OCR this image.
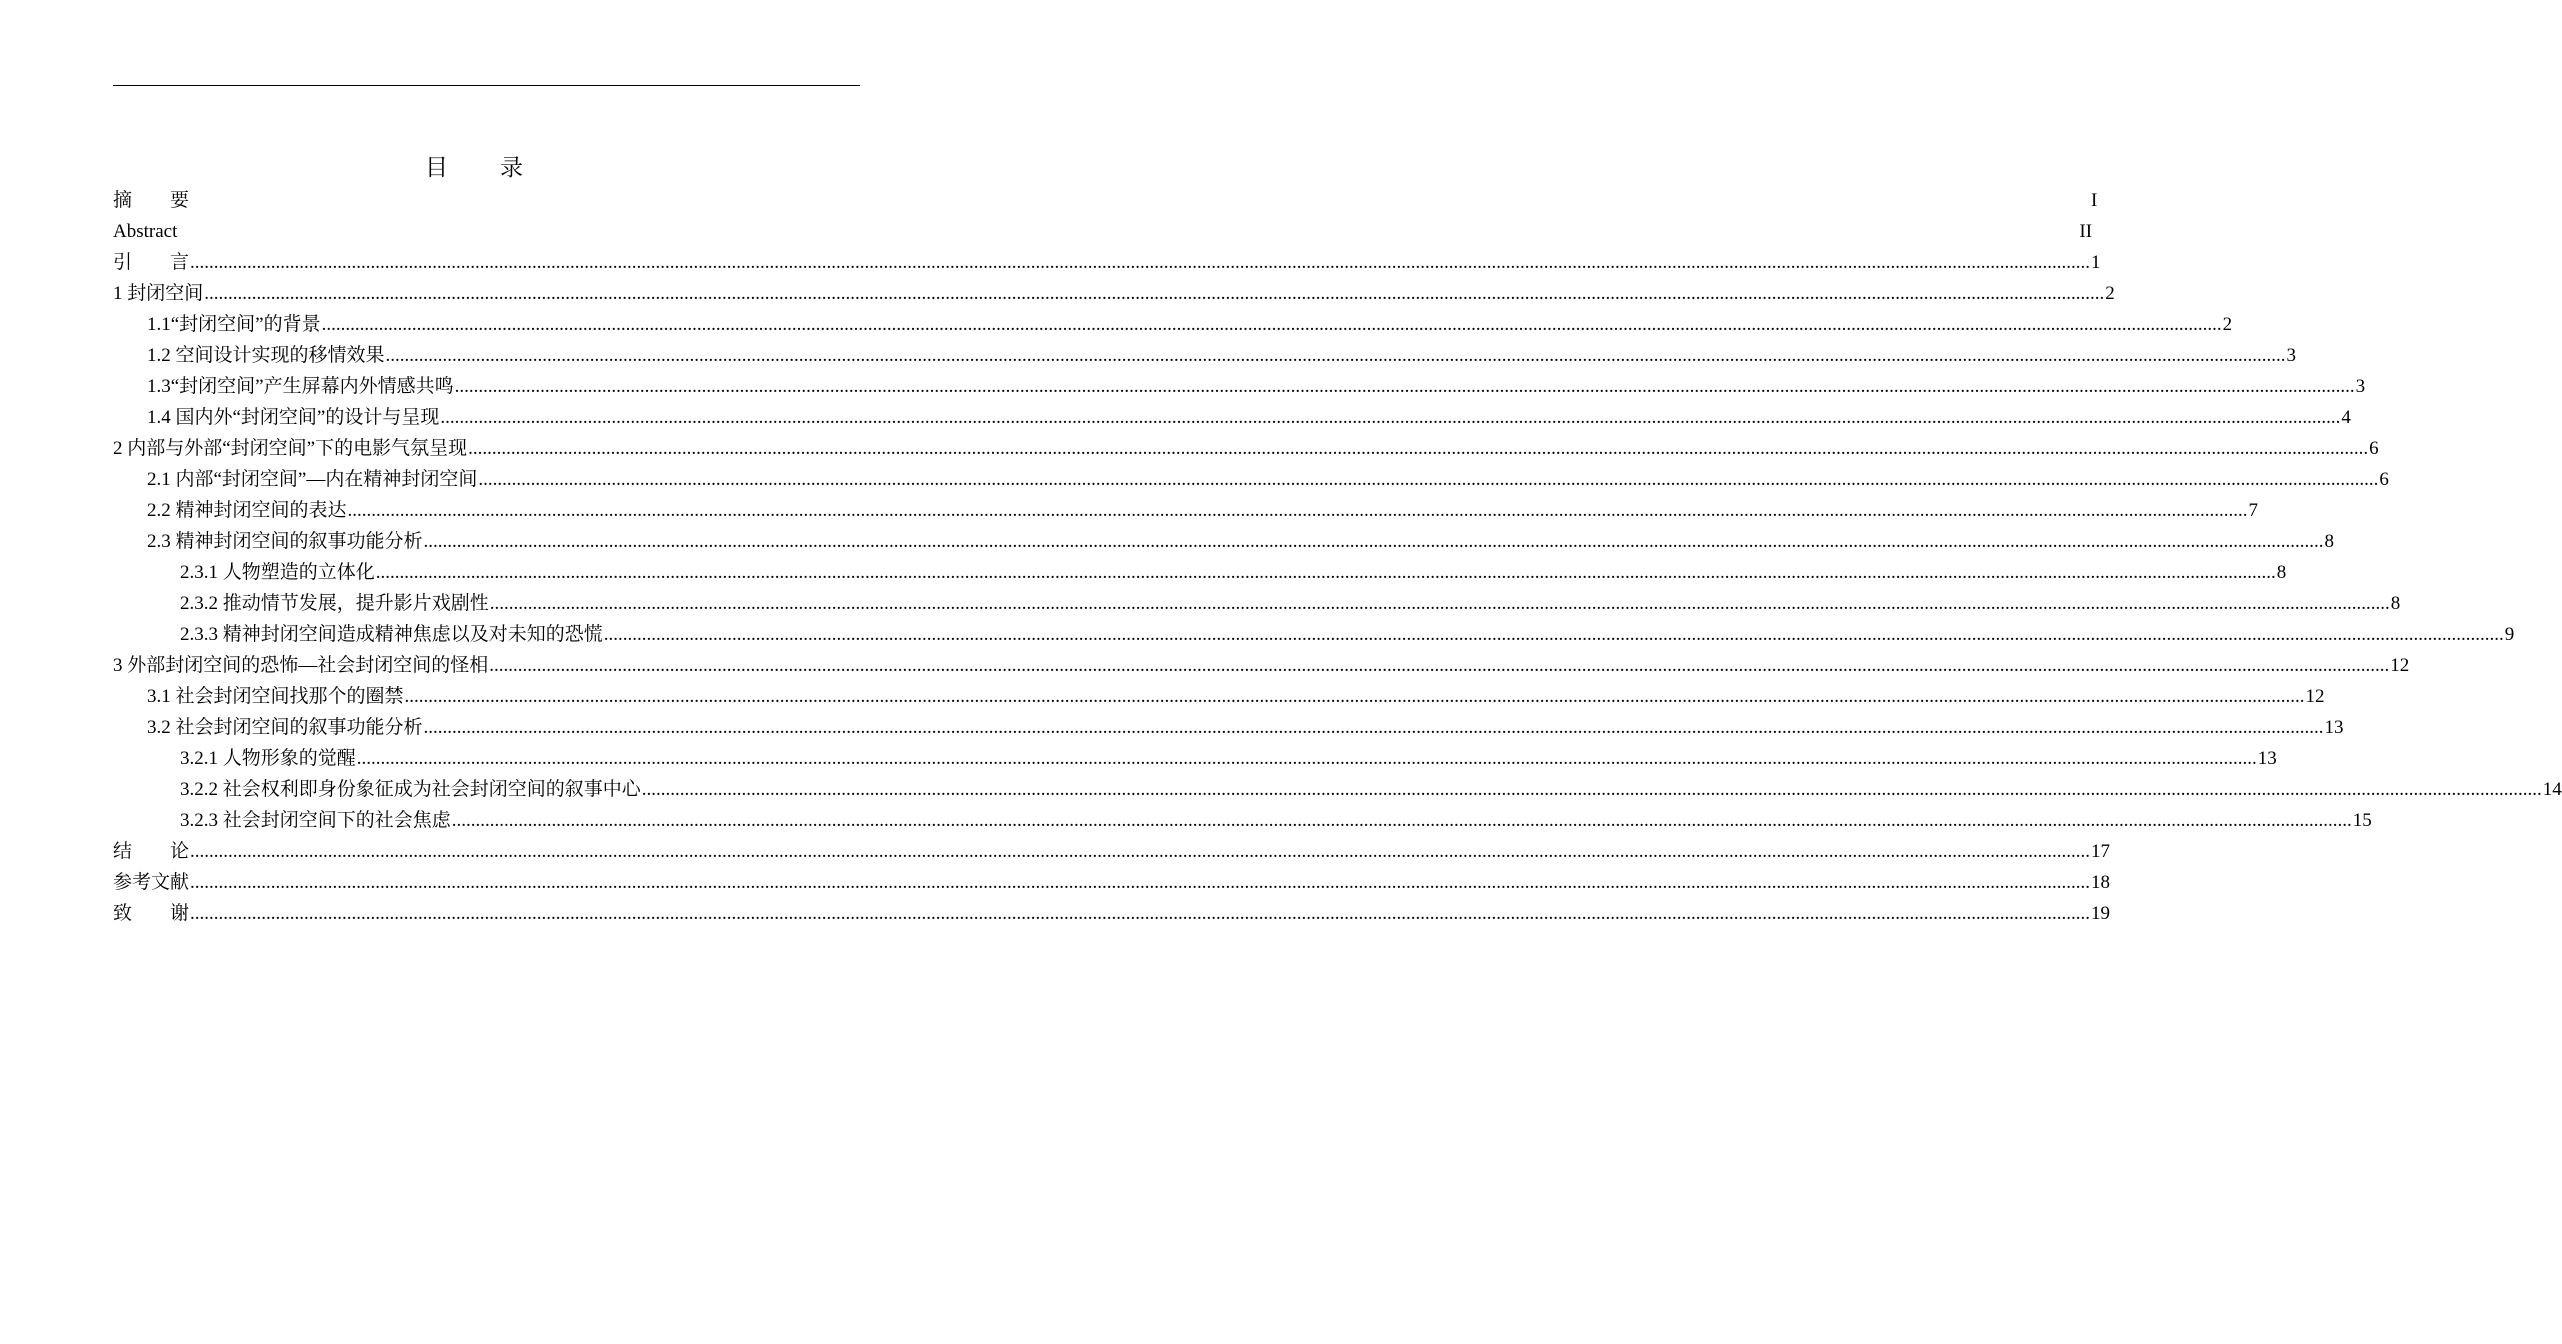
目　　录
摘　　要	I
Abstract	II
引　　言 ................................................................................................................................................................................................................................................................................................................................................................................................................ 1
1 封闭空间 ................................................................................................................................................................................................................................................................................................................................................................................................................ 2
1.1“封闭空间”的背景 ................................................................................................................................................................................................................................................................................................................................................................................................................ 2
1.2 空间设计实现的移情效果 ................................................................................................................................................................................................................................................................................................................................................................................................................ 3
1.3“封闭空间”产生屏幕内外情感共鸣 ................................................................................................................................................................................................................................................................................................................................................................................................................ 3
1.4 国内外“封闭空间”的设计与呈现 ................................................................................................................................................................................................................................................................................................................................................................................................................ 4
2 内部与外部“封闭空间”下的电影气氛呈现 ................................................................................................................................................................................................................................................................................................................................................................................................................ 6
2.1 内部“封闭空间”—内在精神封闭空间 ................................................................................................................................................................................................................................................................................................................................................................................................................ 6
2.2 精神封闭空间的表达 ................................................................................................................................................................................................................................................................................................................................................................................................................ 7
2.3 精神封闭空间的叙事功能分析 ................................................................................................................................................................................................................................................................................................................................................................................................................ 8
2.3.1 人物塑造的立体化 ................................................................................................................................................................................................................................................................................................................................................................................................................ 8
2.3.2 推动情节发展，提升影片戏剧性 ................................................................................................................................................................................................................................................................................................................................................................................................................ 8
2.3.3 精神封闭空间造成精神焦虑以及对未知的恐慌 ................................................................................................................................................................................................................................................................................................................................................................................................................ 9
3 外部封闭空间的恐怖—社会封闭空间的怪相 ................................................................................................................................................................................................................................................................................................................................................................................................................ 12
3.1 社会封闭空间找那个的圈禁 ................................................................................................................................................................................................................................................................................................................................................................................................................ 12
3.2 社会封闭空间的叙事功能分析 ................................................................................................................................................................................................................................................................................................................................................................................................................ 13
3.2.1 人物形象的觉醒 ................................................................................................................................................................................................................................................................................................................................................................................................................ 13
3.2.2 社会权利即身份象征成为社会封闭空间的叙事中心 ................................................................................................................................................................................................................................................................................................................................................................................................................ 14
3.2.3 社会封闭空间下的社会焦虑 ................................................................................................................................................................................................................................................................................................................................................................................................................ 15
结　　论 ................................................................................................................................................................................................................................................................................................................................................................................................................ 17
参考文献 ................................................................................................................................................................................................................................................................................................................................................................................................................ 18
致　　谢 ................................................................................................................................................................................................................................................................................................................................................................................................................ 19
